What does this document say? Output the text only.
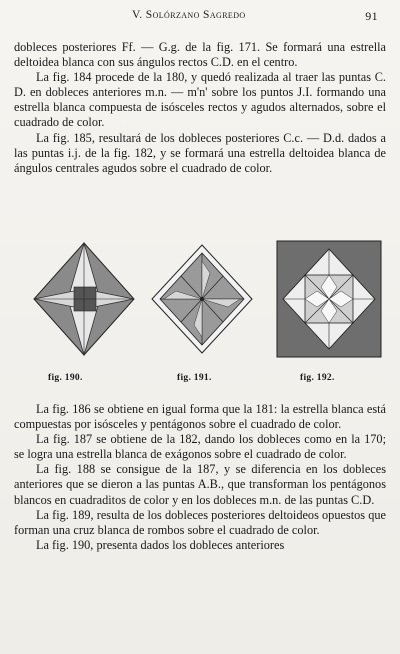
V. Solórzano Sagredo	91

dobleces posteriores Ff. — G.g. de la fig. 171. Se formará una estrella deltoidea blanca con sus ángulos rectos C.D. en el centro.

La fig. 184 procede de la 180, y quedó realizada al traer las puntas C. D. en dobleces anteriores m.n. — m'n' sobre los puntos J.I. formando una estrella blanca compuesta de isósceles rectos y agudos alternados, sobre el cuadrado de color.

La fig. 185, resultará de los dobleces posteriores C.c. — D.d. dados a las puntas i.j. de la fig. 182, y se formará una estrella deltoidea blanca de ángulos centrales agudos sobre el cuadrado de color.

fig. 190.	fig. 191.	fig. 192.

La fig. 186 se obtiene en igual forma que la 181: la estrella blanca está compuestas por isósceles y pentágonos sobre el cuadrado de color.

La fig. 187 se obtiene de la 182, dando los dobleces como en la 170; se logra una estrella blanca de exágonos sobre el cuadrado de color.

La fig. 188 se consigue de la 187, y se diferencia en los dobleces anteriores que se dieron a las puntas A.B., que transforman los pentágonos blancos en cuadraditos de color y en los dobleces m.n. de las puntas C.D.

La fig. 189, resulta de los dobleces posteriores deltoideos opuestos que forman una cruz blanca de rombos sobre el cuadrado de color.

La fig. 190, presenta dados los dobleces anteriores
